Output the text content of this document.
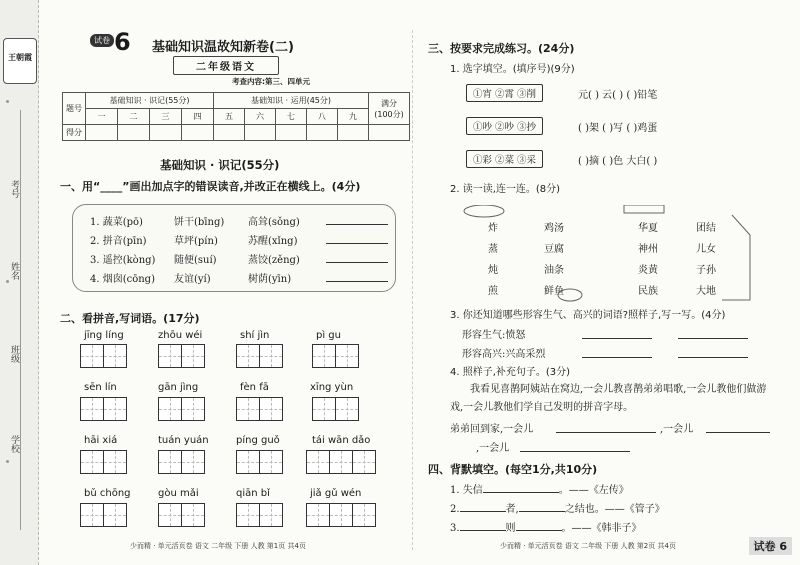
王朝霞
考号
姓名
班级
学校
试卷 6 基础知识温故知新卷(二)
二年级语文
考查内容:第三、四单元
题号	基础知识 · 识记(55分)				基础知识 · 运用(45分)					满分
(100分)
	一	二	三	四	五	六	七	八	九	
得分										
基础知识 · 识记(55分)
一、用“____”画出加点字的错误读音,并改正在横线上。(4分)
1. 蔬菜(pō)	饼干(bīng) 高耸(sǒng)
2. 拼音(pīn)	草坪(pín)	苏醒(xǐng)
3. 遥控(kòng) 随便(suí)	蒸饺(zěng)
4. 烟囱(cōng) 友谊(yí)	树荫(yīn)
二、看拼音,写词语。(17分)
jīng líng	zhōu wéi	shí jìn	pì gu
sēn lín	gān jìng	fèn fā	xīng yùn
hāi xiá	tuán yuán	píng guǒ	tái wān dǎo
bǔ chōng	gòu mǎi	qiān bǐ	jiǎ gǔ wén
少而精 · 单元活页卷 语文 二年级 下册 人教 第1页 共4页
三、按要求完成练习。(24分)
1. 选字填空。(填序号)(9分)
①宵 ②霄 ③削	元( ) 云( ) ( )铅笔
①吵 ②吵 ③抄	( )架 ( )写 ( )鸡蛋
①彩 ②菜 ③采	( )摘 ( )色 大白( )
2. 读一读,连一连。(8分)
炸
蒸
炖
煎
鸡汤
豆腐
油条
鲜鱼
华夏
神州
炎黄
民族
团结
儿女
子孙
大地
3. 你还知道哪些形容生气、高兴的词语?照样子,写一写。(4分)
形容生气:愤怒
形容高兴:兴高采烈
4. 照样子,补充句子。(3分)
我看见喜鹊阿姨站在窝边,一会儿教喜鹊弟弟唱歌,一会儿教他们做游戏,一会儿教他们学自己发明的拼音字母。
弟弟回到家,一会儿	,一会儿
,一会儿
四、背默填空。(每空1分,共10分)
1. 失信	。——《左传》
2.	者,	之结也。——《管子》
3.	则	。——《韩非子》
少而精 · 单元活页卷 语文 二年级 下册 人教 第2页 共4页	试卷 6
